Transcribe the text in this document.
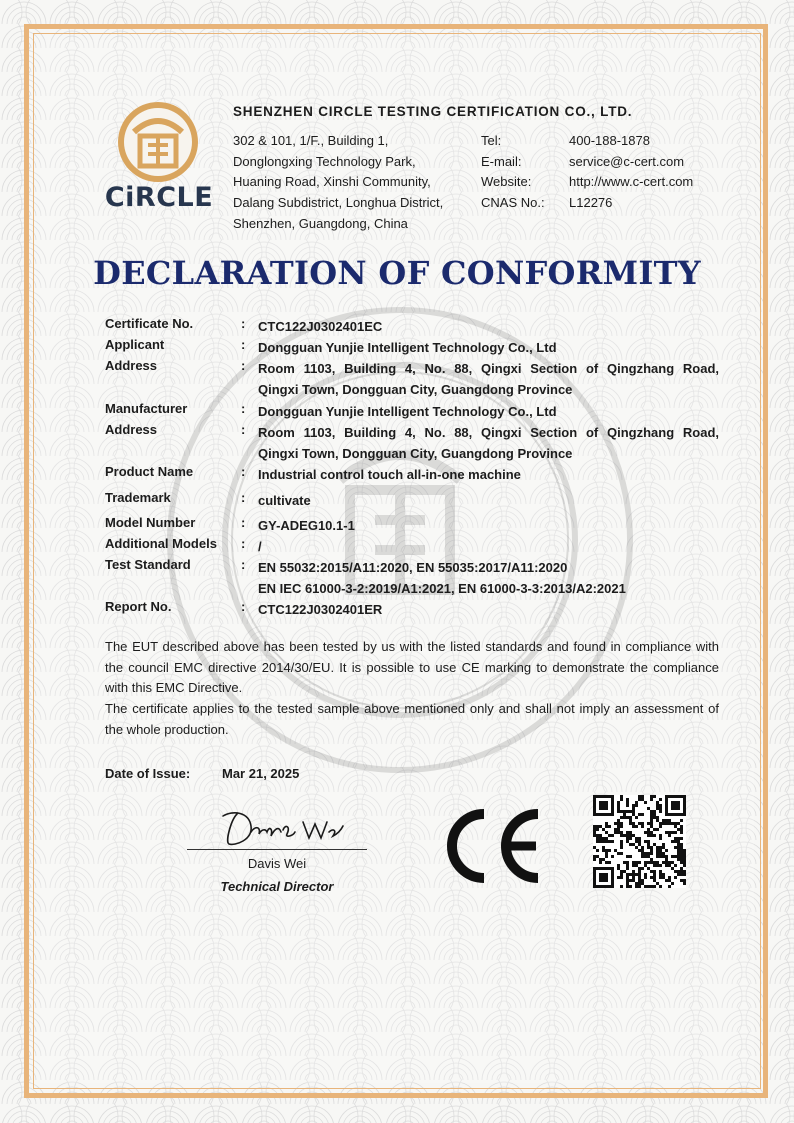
CiRCLE
SHENZHEN CIRCLE TESTING CERTIFICATION CO., LTD.
302 & 101, 1/F., Building 1,
Donglongxing Technology Park,
Huaning Road, Xinshi Community,
Dalang Subdistrict, Longhua District,
Shenzhen, Guangdong, China
Tel:	400-188-1878
E-mail:	service@c-cert.com
Website:	http://www.c-cert.com
CNAS No.:	L12276
DECLARATION OF CONFORMITY
Certificate No.	: CTC122J0302401EC
Applicant	: Dongguan Yunjie Intelligent Technology Co., Ltd
Address	: Room 1103, Building 4, No. 88, Qingxi Section of Qingzhang Road,
Qingxi Town, Dongguan City, Guangdong Province
Manufacturer	: Dongguan Yunjie Intelligent Technology Co., Ltd
Address	: Room 1103, Building 4, No. 88, Qingxi Section of Qingzhang Road,
Qingxi Town, Dongguan City, Guangdong Province
Product Name	: Industrial control touch all-in-one machine
Trademark	: cultivate
Model Number	: GY-ADEG10.1-1
Additional Models : /
Test Standard	: EN 55032:2015/A11:2020, EN 55035:2017/A11:2020
EN IEC 61000-3-2:2019/A1:2021, EN 61000-3-3:2013/A2:2021
Report No.	: CTC122J0302401ER

The EUT described above has been tested by us with the listed standards and found in compliance with the council EMC directive 2014/30/EU. It is possible to use CE marking to demonstrate the compliance with this EMC Directive.

The certificate applies to the tested sample above mentioned only and shall not imply an assessment of the whole production.

Date of Issue: Mar 21, 2025
Davis Wei
Technical Director
